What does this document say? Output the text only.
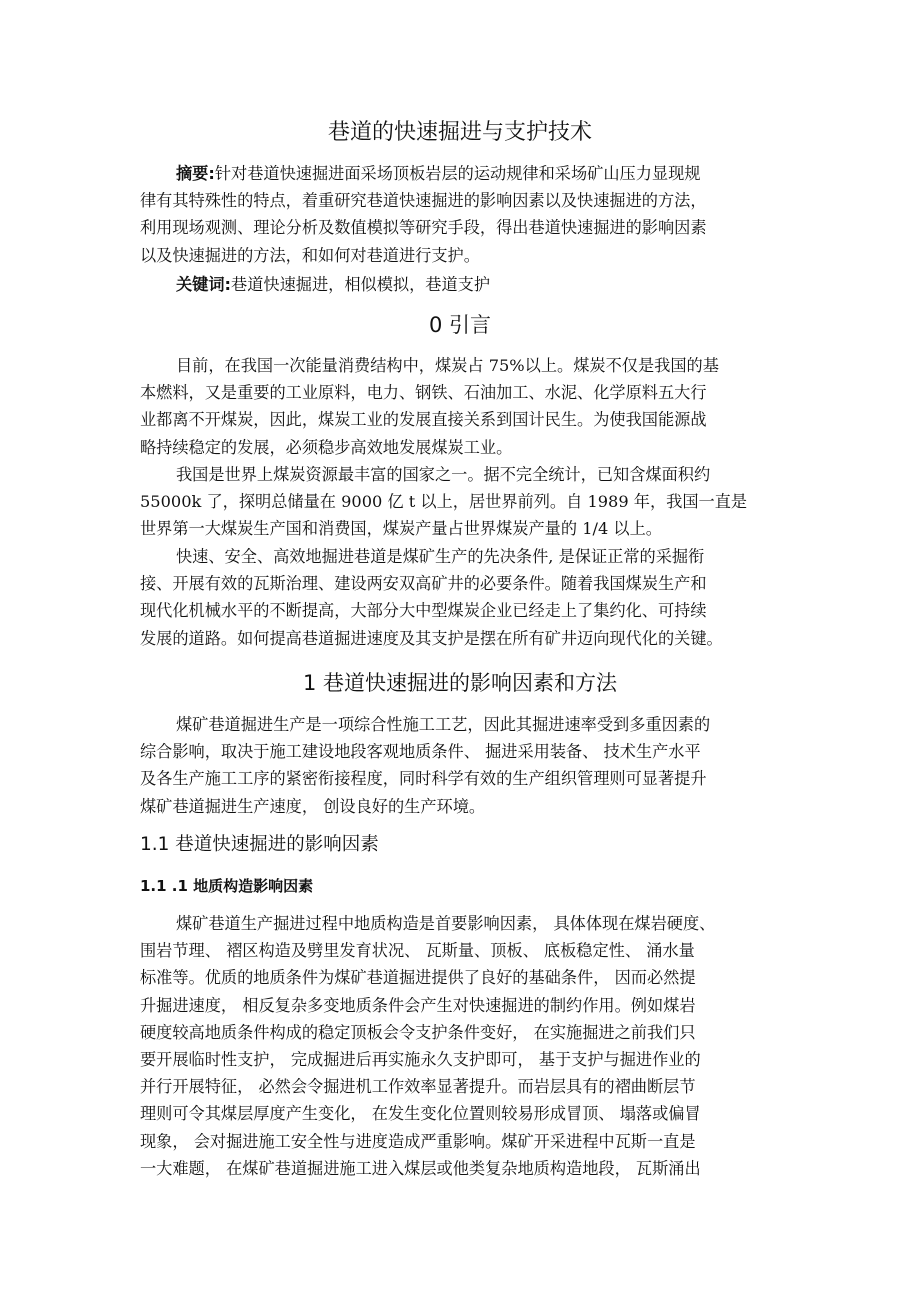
巷道的快速掘进与支护技术
摘要:针对巷道快速掘进面采场顶板岩层的运动规律和采场矿山压力显现规
律有其特殊性的特点，着重研究巷道快速掘进的影响因素以及快速掘进的方法，
利用现场观测、理论分析及数值模拟等研究手段，得出巷道快速掘进的影响因素
以及快速掘进的方法，和如何对巷道进行支护。
关键词:巷道快速掘进，相似模拟，巷道支护
0 引言
目前，在我国一次能量消费结构中，煤炭占 75%以上。煤炭不仅是我国的基
本燃料，又是重要的工业原料，电力、钢铁、石油加工、水泥、化学原料五大行
业都离不开煤炭，因此，煤炭工业的发展直接关系到国计民生。为使我国能源战
略持续稳定的发展，必须稳步高效地发展煤炭工业。
我国是世界上煤炭资源最丰富的国家之一。据不完全统计，已知含煤面积约
55000k 了，探明总储量在 9000 亿 t 以上，居世界前列。自 1989 年，我国一直是
世界第一大煤炭生产国和消费国，煤炭产量占世界煤炭产量的 1/4 以上。
快速、安全、高效地掘进巷道是煤矿生产的先决条件, 是保证正常的采掘衔
接、开展有效的瓦斯治理、建设两安双高矿井的必要条件。随着我国煤炭生产和
现代化机械水平的不断提高，大部分大中型煤炭企业已经走上了集约化、可持续
发展的道路。如何提高巷道掘进速度及其支护是摆在所有矿井迈向现代化的关键。
1 巷道快速掘进的影响因素和方法
煤矿巷道掘进生产是一项综合性施工工艺，因此其掘进速率受到多重因素的
综合影响，取决于施工建设地段客观地质条件、 掘进采用装备、 技术生产水平
及各生产施工工序的紧密衔接程度，同时科学有效的生产组织管理则可显著提升
煤矿巷道掘进生产速度， 创设良好的生产环境。
1.1 巷道快速掘进的影响因素
1.1 .1 地质构造影响因素
煤矿巷道生产掘进过程中地质构造是首要影响因素， 具体体现在煤岩硬度、
围岩节理、 褶区构造及劈里发育状况、 瓦斯量、顶板、 底板稳定性、 涌水量
标准等。优质的地质条件为煤矿巷道掘进提供了良好的基础条件， 因而必然提
升掘进速度， 相反复杂多变地质条件会产生对快速掘进的制约作用。例如煤岩
硬度较高地质条件构成的稳定顶板会令支护条件变好， 在实施掘进之前我们只
要开展临时性支护， 完成掘进后再实施永久支护即可， 基于支护与掘进作业的
并行开展特征， 必然会令掘进机工作效率显著提升。而岩层具有的褶曲断层节
理则可令其煤层厚度产生变化， 在发生变化位置则较易形成冒顶、 塌落或偏冒
现象， 会对掘进施工安全性与进度造成严重影响。煤矿开采进程中瓦斯一直是
一大难题， 在煤矿巷道掘进施工进入煤层或他类复杂地质构造地段， 瓦斯涌出
